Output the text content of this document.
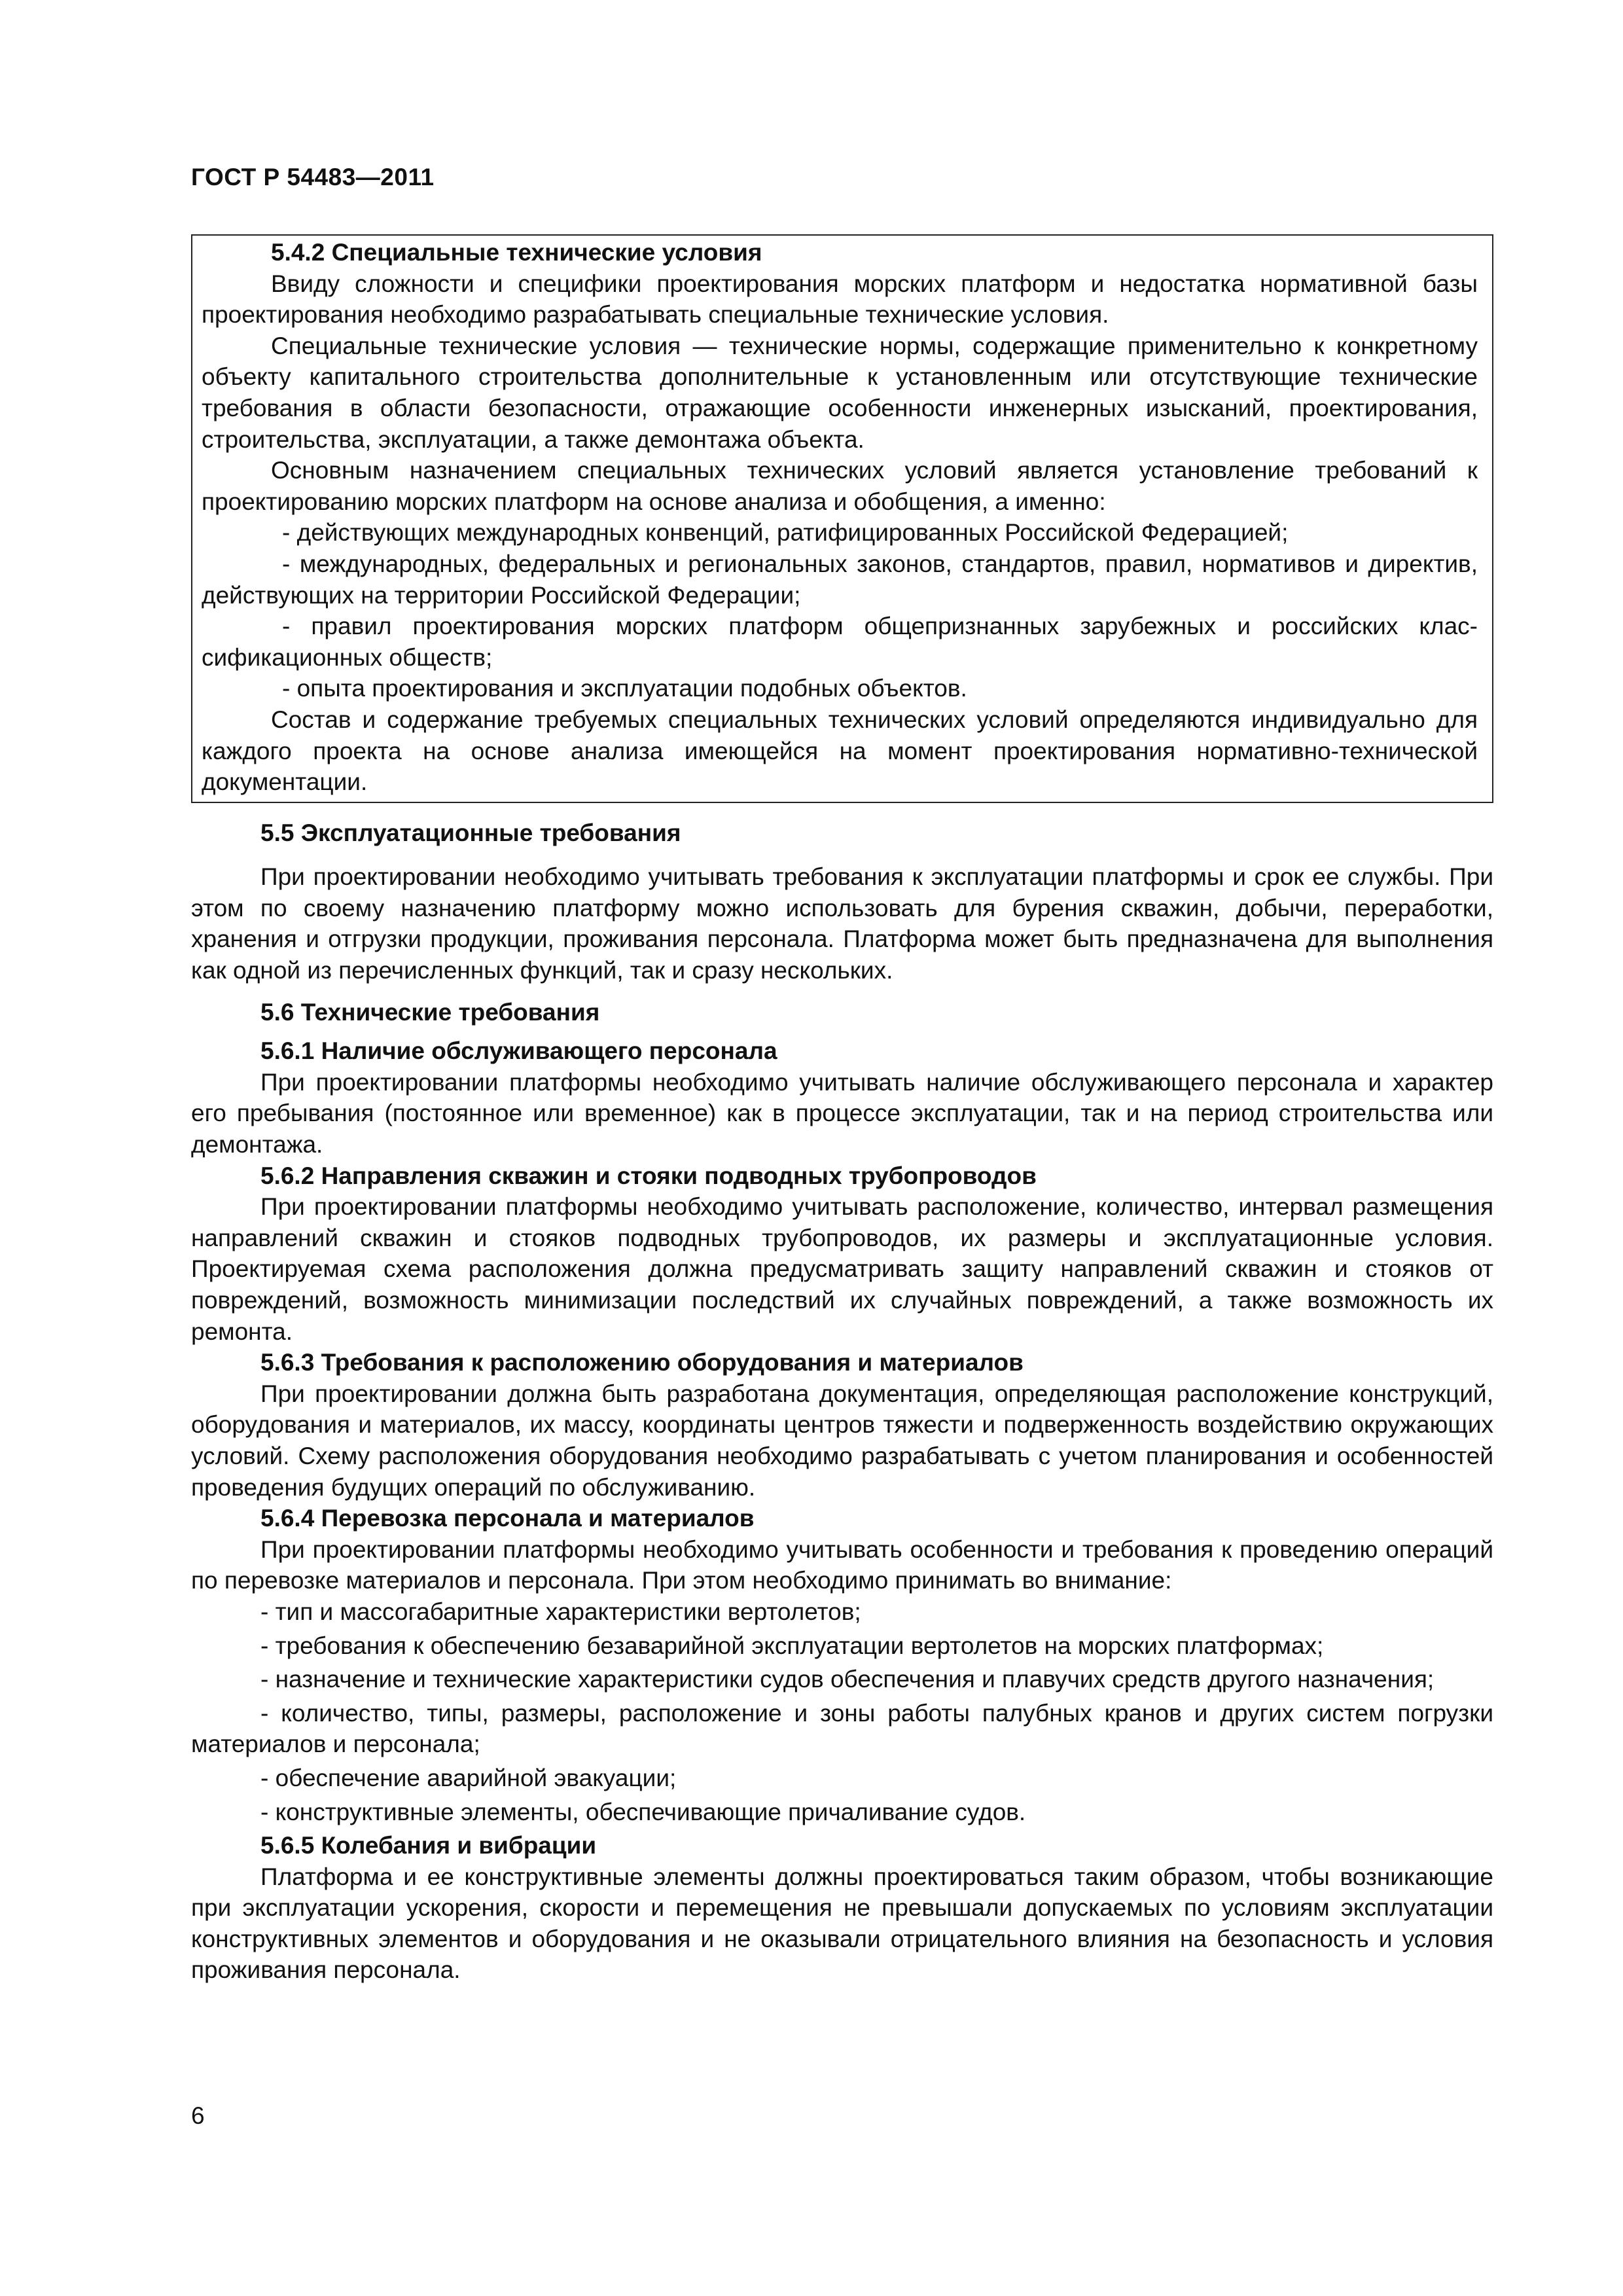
ГОСТ Р 54483—2011
5.4.2 Специальные технические условия

Ввиду сложности и специфики проектирования морских платформ и недостатка нормативной базы проектирования необходимо разрабатывать специальные технические условия.

Специальные технические условия — технические нормы, содержащие применительно к конкретному объекту капитального строительства дополнительные к установленным или отсутствующие технические требования в области безопасности, отражающие особенности инженерных изысканий, проектирования, строительства, эксплуатации, а также демонтажа объекта.

Основным назначением специальных технических условий является установление требований к проектированию морских платформ на основе анализа и обобщения, а именно:

- действующих международных конвенций, ратифицированных Российской Федерацией;

- международных, федеральных и региональных законов, стандартов, правил, нормативов и директив, действующих на территории Российской Федерации;

- правил проектирования морских платформ общепризнанных зарубежных и российских классификационных обществ;

- опыта проектирования и эксплуатации подобных объектов.

Состав и содержание требуемых специальных технических условий определяются индивидуально для каждого проекта на основе анализа имеющейся на момент проектирования нормативно-технической документации.

5.5 Эксплуатационные требования

При проектировании необходимо учитывать требования к эксплуатации платформы и срок ее службы. При этом по своему назначению платформу можно использовать для бурения скважин, добычи, переработки, хранения и отгрузки продукции, проживания персонала. Платформа может быть предназначена для выполнения как одной из перечисленных функций, так и сразу нескольких.

5.6 Технические требования
5.6.1 Наличие обслуживающего персонала

При проектировании платформы необходимо учитывать наличие обслуживающего персонала и характер его пребывания (постоянное или временное) как в процессе эксплуатации, так и на период строительства или демонтажа.

5.6.2 Направления скважин и стояки подводных трубопроводов

При проектировании платформы необходимо учитывать расположение, количество, интервал размещения направлений скважин и стояков подводных трубопроводов, их размеры и эксплуатационные условия. Проектируемая схема расположения должна предусматривать защиту направлений скважин и стояков от повреждений, возможность минимизации последствий их случайных повреждений, а также возможность их ремонта.

5.6.3 Требования к расположению оборудования и материалов

При проектировании должна быть разработана документация, определяющая расположение конструкций, оборудования и материалов, их массу, координаты центров тяжести и подверженность воздействию окружающих условий. Схему расположения оборудования необходимо разрабатывать с учетом планирования и особенностей проведения будущих операций по обслуживанию.

5.6.4 Перевозка персонала и материалов

При проектировании платформы необходимо учитывать особенности и требования к проведению операций по перевозке материалов и персонала. При этом необходимо принимать во внимание:

- тип и массогабаритные характеристики вертолетов;

- требования к обеспечению безаварийной эксплуатации вертолетов на морских платформах;

- назначение и технические характеристики судов обеспечения и плавучих средств другого назначения;

- количество, типы, размеры, расположение и зоны работы палубных кранов и других систем погрузки материалов и персонала;

- обеспечение аварийной эвакуации;

- конструктивные элементы, обеспечивающие причаливание судов.

5.6.5 Колебания и вибрации

Платформа и ее конструктивные элементы должны проектироваться таким образом, чтобы возникающие при эксплуатации ускорения, скорости и перемещения не превышали допускаемых по условиям эксплуатации конструктивных элементов и оборудования и не оказывали отрицательного влияния на безопасность и условия проживания персонала.

6
